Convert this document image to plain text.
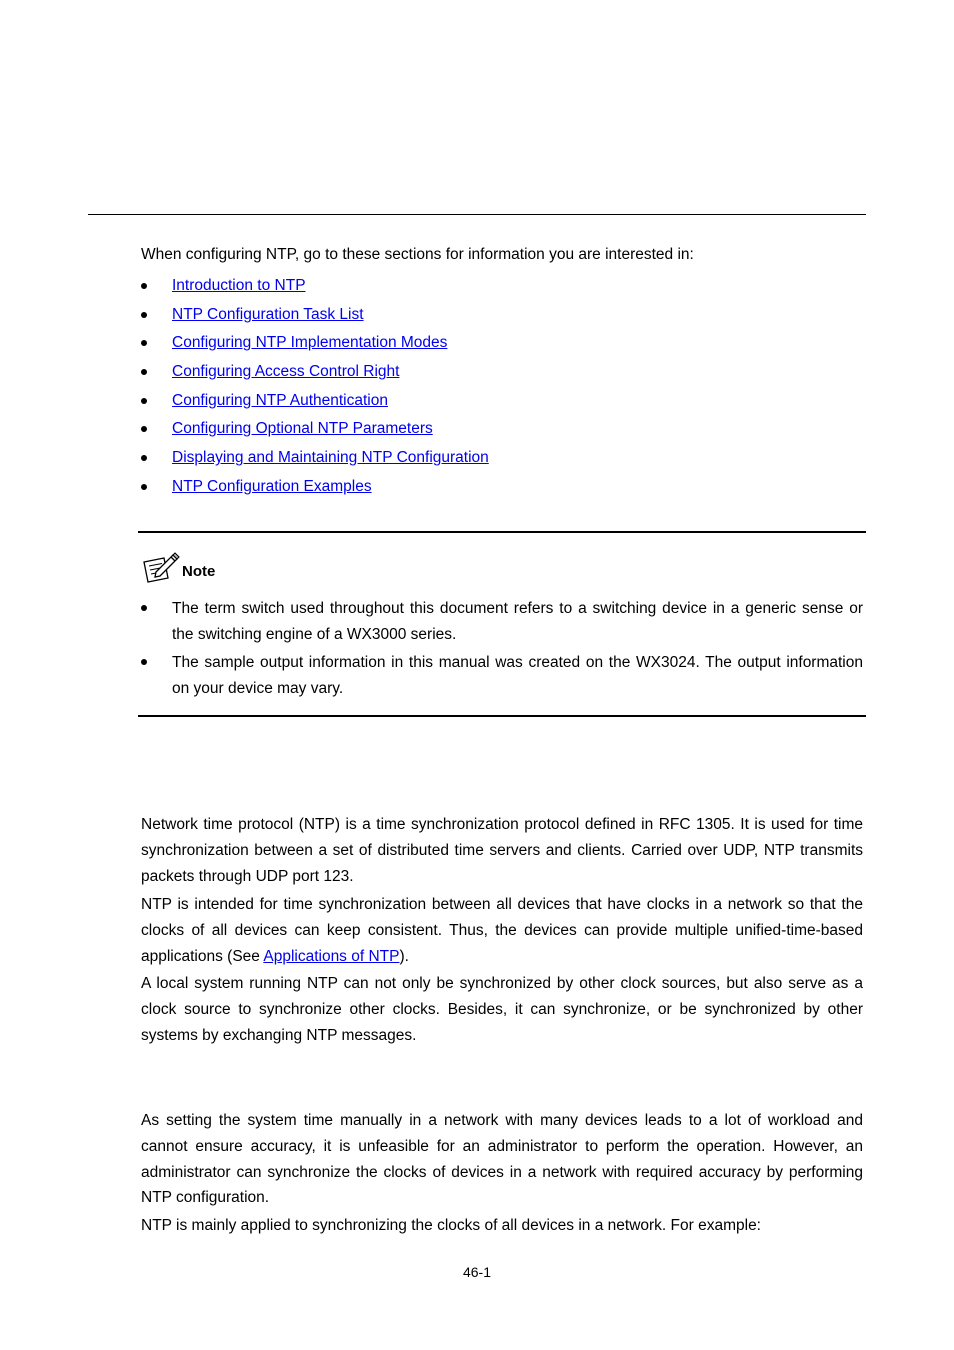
When configuring NTP, go to these sections for information you are interested in:
Introduction to NTP
NTP Configuration Task List
Configuring NTP Implementation Modes
Configuring Access Control Right
Configuring NTP Authentication
Configuring Optional NTP Parameters
Displaying and Maintaining NTP Configuration
NTP Configuration Examples
Note
The term switch used throughout this document refers to a switching device in a generic sense or the switching engine of a WX3000 series.
The sample output information in this manual was created on the WX3024. The output information on your device may vary.

Network time protocol (NTP) is a time synchronization protocol defined in RFC 1305. It is used for time synchronization between a set of distributed time servers and clients. Carried over UDP, NTP transmits packets through UDP port 123.

NTP is intended for time synchronization between all devices that have clocks in a network so that the clocks of all devices can keep consistent. Thus, the devices can provide multiple unified-time-based applications (See Applications of NTP).

A local system running NTP can not only be synchronized by other clock sources, but also serve as a clock source to synchronize other clocks. Besides, it can synchronize, or be synchronized by other systems by exchanging NTP messages.

As setting the system time manually in a network with many devices leads to a lot of workload and cannot ensure accuracy, it is unfeasible for an administrator to perform the operation. However, an administrator can synchronize the clocks of devices in a network with required accuracy by performing NTP configuration.

NTP is mainly applied to synchronizing the clocks of all devices in a network. For example:

46-1
